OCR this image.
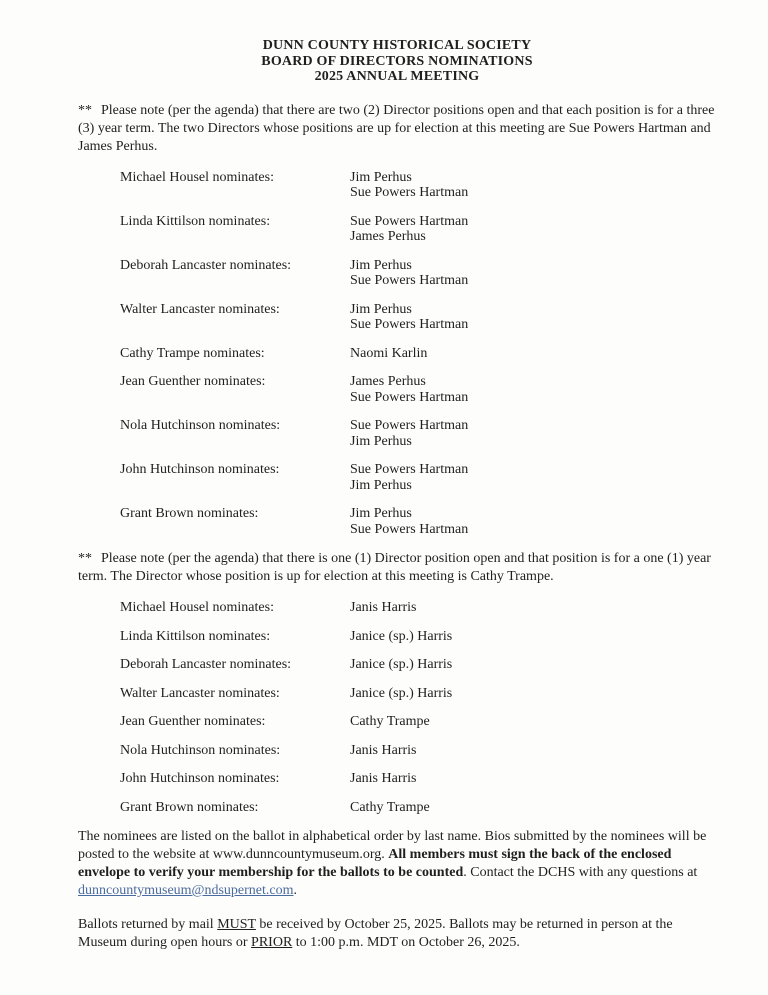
DUNN COUNTY HISTORICAL SOCIETY
BOARD OF DIRECTORS NOMINATIONS
2025 ANNUAL MEETING

** Please note (per the agenda) that there are two (2) Director positions open and that each position is for a three (3) year term. The two Directors whose positions are up for election at this meeting are Sue Powers Hartman and James Perhus.

Michael Housel nominates:	Jim Perhus
Sue Powers Hartman
Linda Kittilson nominates:	Sue Powers Hartman
James Perhus
Deborah Lancaster nominates:	Jim Perhus
Sue Powers Hartman
Walter Lancaster nominates:	Jim Perhus
Sue Powers Hartman
Cathy Trampe nominates:	Naomi Karlin
Jean Guenther nominates:	James Perhus
Sue Powers Hartman
Nola Hutchinson nominates:	Sue Powers Hartman
Jim Perhus
John Hutchinson nominates:	Sue Powers Hartman
Jim Perhus
Grant Brown nominates:	Jim Perhus
Sue Powers Hartman

** Please note (per the agenda) that there is one (1) Director position open and that position is for a one (1) year term. The Director whose position is up for election at this meeting is Cathy Trampe.

Michael Housel nominates:	Janis Harris
Linda Kittilson nominates:	Janice (sp.) Harris
Deborah Lancaster nominates:	Janice (sp.) Harris
Walter Lancaster nominates:	Janice (sp.) Harris
Jean Guenther nominates:	Cathy Trampe
Nola Hutchinson nominates:	Janis Harris
John Hutchinson nominates:	Janis Harris
Grant Brown nominates:	Cathy Trampe

The nominees are listed on the ballot in alphabetical order by last name. Bios submitted by the nominees will be posted to the website at www.dunncountymuseum.org. All members must sign the back of the enclosed envelope to verify your membership for the ballots to be counted. Contact the DCHS with any questions at dunncountymuseum@ndsupernet.com.

Ballots returned by mail MUST be received by October 25, 2025. Ballots may be returned in person at the Museum during open hours or PRIOR to 1:00 p.m. MDT on October 26, 2025.
